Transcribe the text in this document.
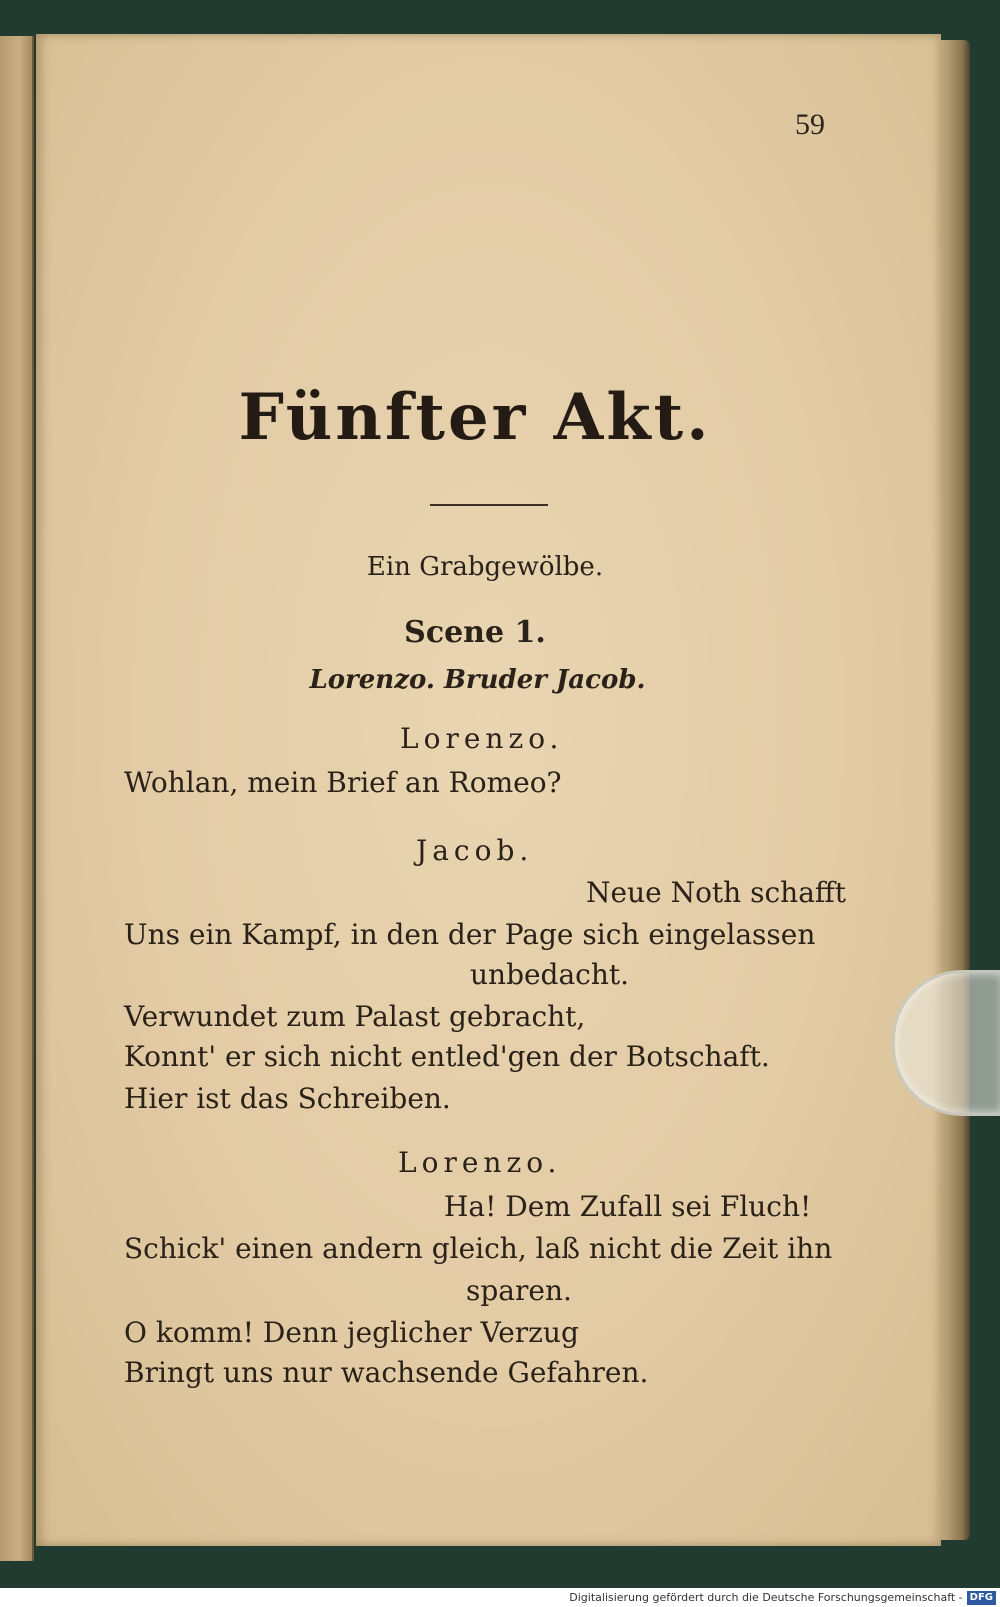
59
Fünfter Akt.
Ein Grabgewölbe.
Scene 1.
Lorenzo. Bruder Jacob.
Lorenzo.
Wohlan, mein Brief an Romeo?
Jacob.
Neue Noth schafft
Uns ein Kampf, in den der Page sich eingelassen
unbedacht.
Verwundet zum Palast gebracht,
Konnt' er sich nicht entled'gen der Botschaft.
Hier ist das Schreiben.
Lorenzo.
Ha! Dem Zufall sei Fluch!
Schick' einen andern gleich, laß nicht die Zeit ihn
sparen.
O komm! Denn jeglicher Verzug
Bringt uns nur wachsende Gefahren.
Digitalisierung gefördert durch die Deutsche Forschungsgemeinschaft - DFG
